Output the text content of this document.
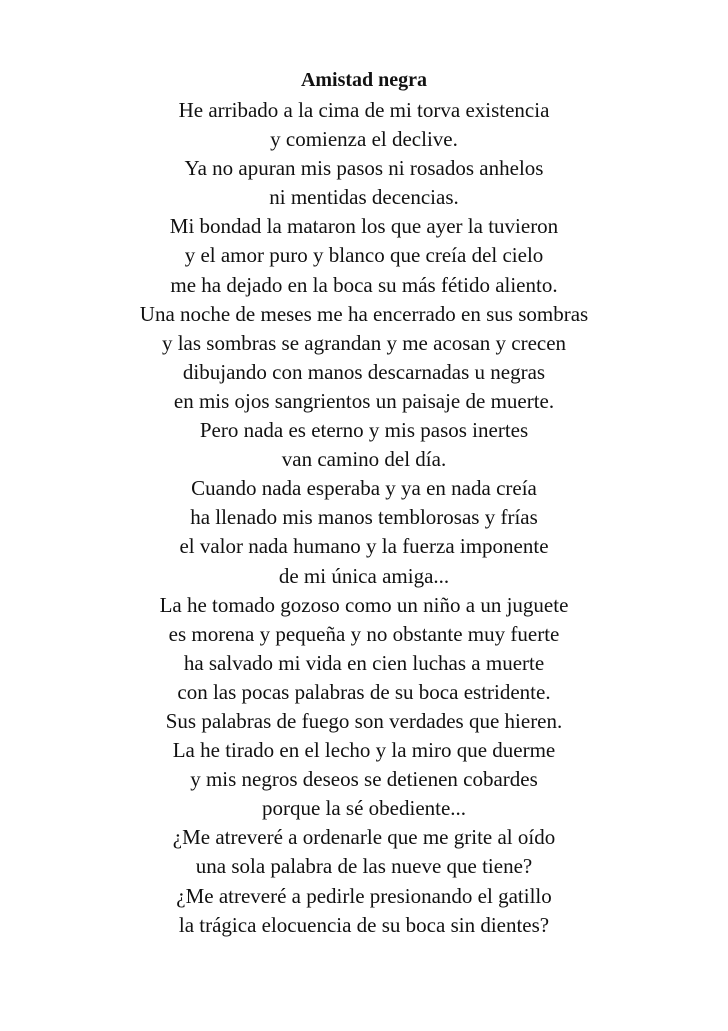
Amistad negra
He arribado a la cima de mi torva existencia
y comienza el declive.
Ya no apuran mis pasos ni rosados anhelos
ni mentidas decencias.
Mi bondad la mataron los que ayer la tuvieron
y el amor puro y blanco que creía del cielo
me ha dejado en la boca su más fétido aliento.
Una noche de meses me ha encerrado en sus sombras
y las sombras se agrandan y me acosan y crecen
dibujando con manos descarnadas u negras
en mis ojos sangrientos un paisaje de muerte.
Pero nada es eterno y mis pasos inertes
van camino del día.
Cuando nada esperaba y ya en nada creía
ha llenado mis manos temblorosas y frías
el valor nada humano y la fuerza imponente
de mi única amiga...
La he tomado gozoso como un niño a un juguete
es morena y pequeña y no obstante muy fuerte
ha salvado mi vida en cien luchas a muerte
con las pocas palabras de su boca estridente.
Sus palabras de fuego son verdades que hieren.
La he tirado en el lecho y la miro que duerme
y mis negros deseos se detienen cobardes
porque la sé obediente...
¿Me atreveré a ordenarle que me grite al oído
una sola palabra de las nueve que tiene?
¿Me atreveré a pedirle presionando el gatillo
la trágica elocuencia de su boca sin dientes?
